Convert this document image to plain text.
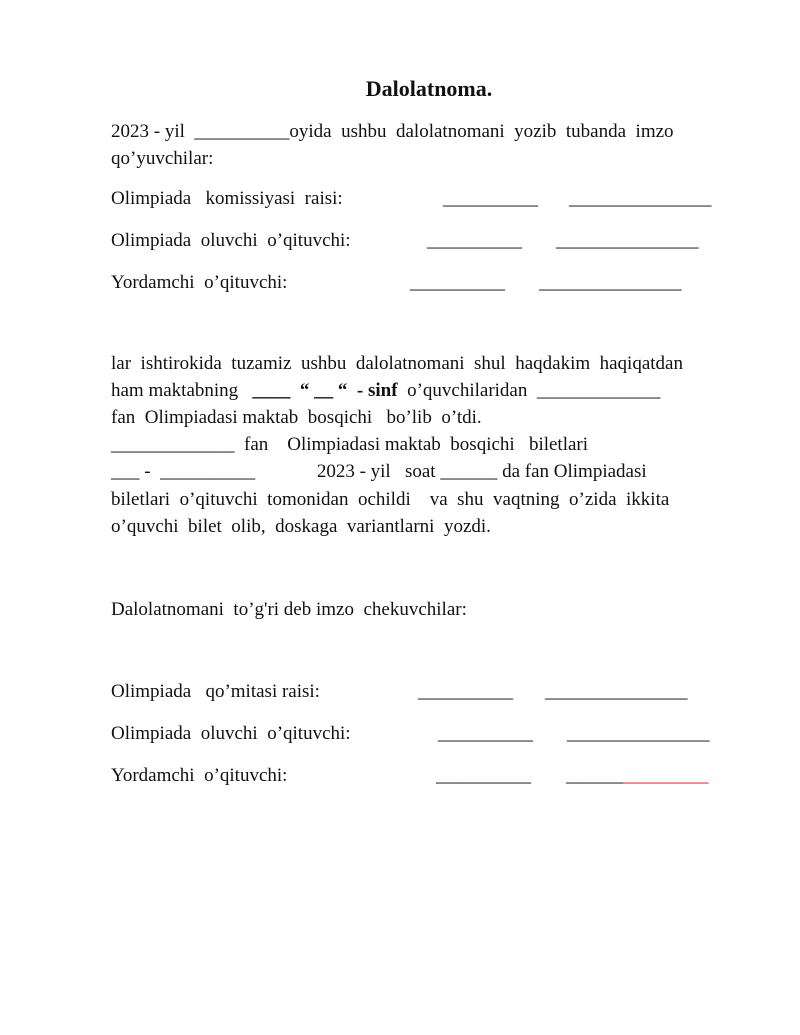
Dalolatnoma.
2023 - yil  __________oyida  ushbu  dalolatnomani  yozib  tubanda  imzo
qo’yuvchilar:
Olimpiada   komissiyasi  raisi:	__________ _______________
Olimpiada  oluvchi  o’qituvchi:	__________ _______________
Yordamchi  o’qituvchi:	__________ _______________
lar  ishtirokida  tuzamiz  ushbu  dalolatnomani  shul  haqdakim  haqiqatdan
ham maktabning   ____  “ __ “  - sinf  o’quvchilaridan  _____________
fan  Olimpiadasi maktab  bosqichi   bo’lib  o’tdi.
_____________  fan    Olimpiadasi maktab  bosqichi   biletlari
___ -  __________             2023 - yil   soat ______ da fan Olimpiadasi
biletlari  o’qituvchi  tomonidan  ochildi    va  shu  vaqtning  o’zida  ikkita
o’quvchi  bilet  olib,  doskaga  variantlarni  yozdi.
Dalolatnomani  to’g'ri deb imzo  chekuvchilar:
Olimpiada   qo’mitasi raisi:	__________ _______________
Olimpiada  oluvchi  o’qituvchi:	__________ _______________
Yordamchi  o’qituvchi:	__________ _______________
